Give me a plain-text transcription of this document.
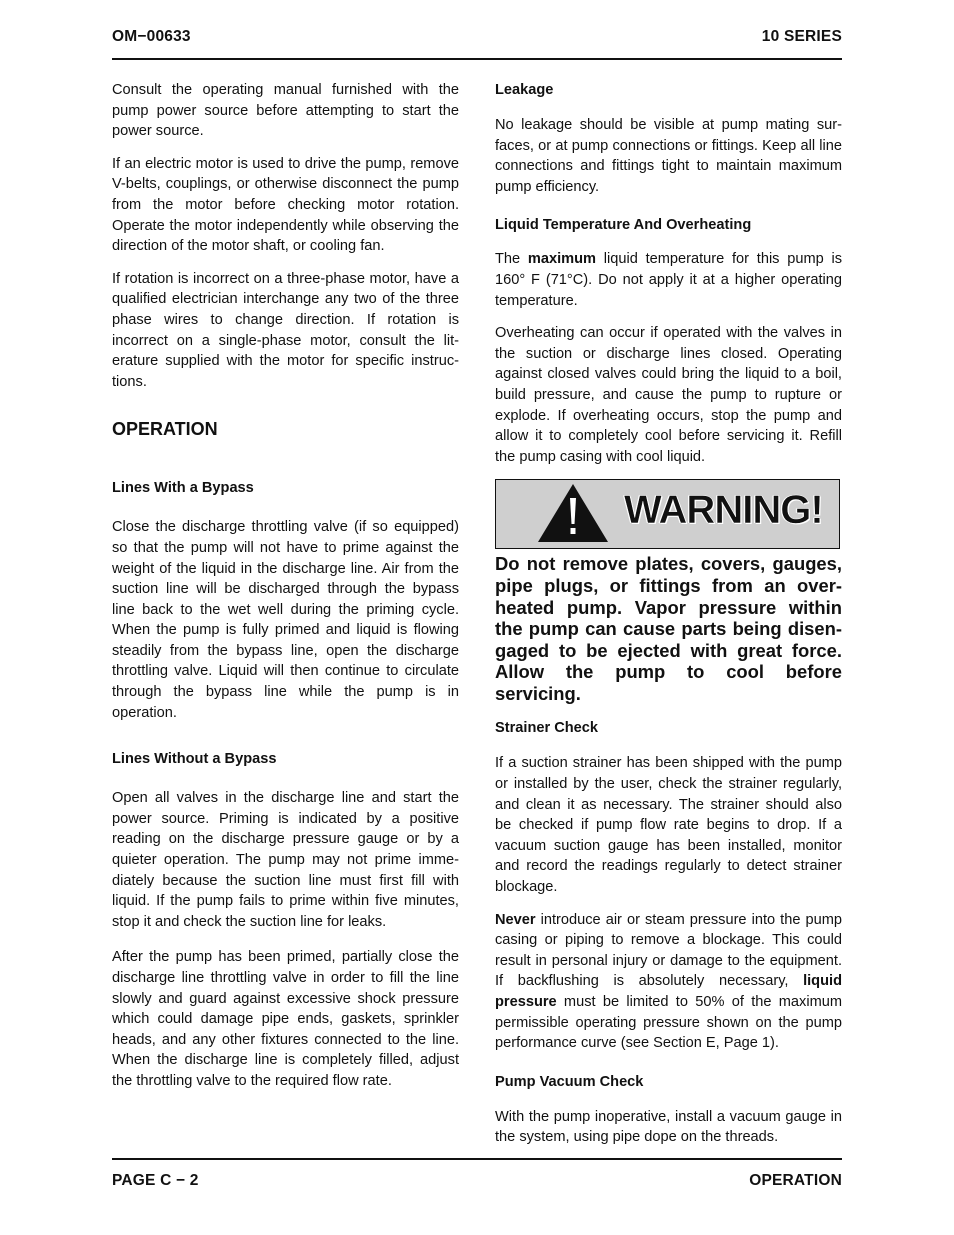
OM−00633	10 SERIES

Consult the operating manual furnished with the pump power source before attempting to start the power source.

If an electric motor is used to drive the pump, remove V-belts, couplings, or otherwise disconnect the pump from the motor before checking motor rotation. Operate the motor independently while observing the direction of the motor shaft, or cooling fan.

If rotation is incorrect on a three-phase motor, have a qualified electrician interchange any two of the three phase wires to change direction. If rotation is incorrect on a single-phase motor, consult the literature supplied with the motor for specific instructions.

OPERATION
Lines With a Bypass

Close the discharge throttling valve (if so equipped) so that the pump will not have to prime against the weight of the liquid in the discharge line. Air from the suction line will be discharged through the bypass line back to the wet well during the priming cycle. When the pump is fully primed and liquid is flowing steadily from the bypass line, open the discharge throttling valve. Liquid will then continue to circulate through the bypass line while the pump is in operation.

Lines Without a Bypass

Open all valves in the discharge line and start the power source. Priming is indicated by a positive reading on the discharge pressure gauge or by a quieter operation. The pump may not prime immediately because the suction line must first fill with liquid. If the pump fails to prime within five minutes, stop it and check the suction line for leaks.

After the pump has been primed, partially close the discharge line throttling valve in order to fill the line slowly and guard against excessive shock pressure which could damage pipe ends, gaskets, sprinkler heads, and any other fixtures connected to the line. When the discharge line is completely filled, adjust the throttling valve to the required flow rate.

Leakage

No leakage should be visible at pump mating surfaces, or at pump connections or fittings. Keep all line connections and fittings tight to maintain maximum pump efficiency.

Liquid Temperature And Overheating

The maximum liquid temperature for this pump is 160° F (71°C). Do not apply it at a higher operating temperature.

Overheating can occur if operated with the valves in the suction or discharge lines closed. Operating against closed valves could bring the liquid to a boil, build pressure, and cause the pump to rupture or explode. If overheating occurs, stop the pump and allow it to completely cool before servicing it. Refill the pump casing with cool liquid.

WARNING!

Do not remove plates, covers, gauges, pipe plugs, or fittings from an overheated pump. Vapor pressure within the pump can cause parts being disengaged to be ejected with great force. Allow the pump to cool before servicing.

Strainer Check

If a suction strainer has been shipped with the pump or installed by the user, check the strainer regularly, and clean it as necessary. The strainer should also be checked if pump flow rate begins to drop. If a vacuum suction gauge has been installed, monitor and record the readings regularly to detect strainer blockage.

Never introduce air or steam pressure into the pump casing or piping to remove a blockage. This could result in personal injury or damage to the equipment. If backflushing is absolutely necessary, liquid pressure must be limited to 50% of the maximum permissible operating pressure shown on the pump performance curve (see Section E, Page 1).

Pump Vacuum Check

With the pump inoperative, install a vacuum gauge in the system, using pipe dope on the threads.

PAGE C − 2	OPERATION
